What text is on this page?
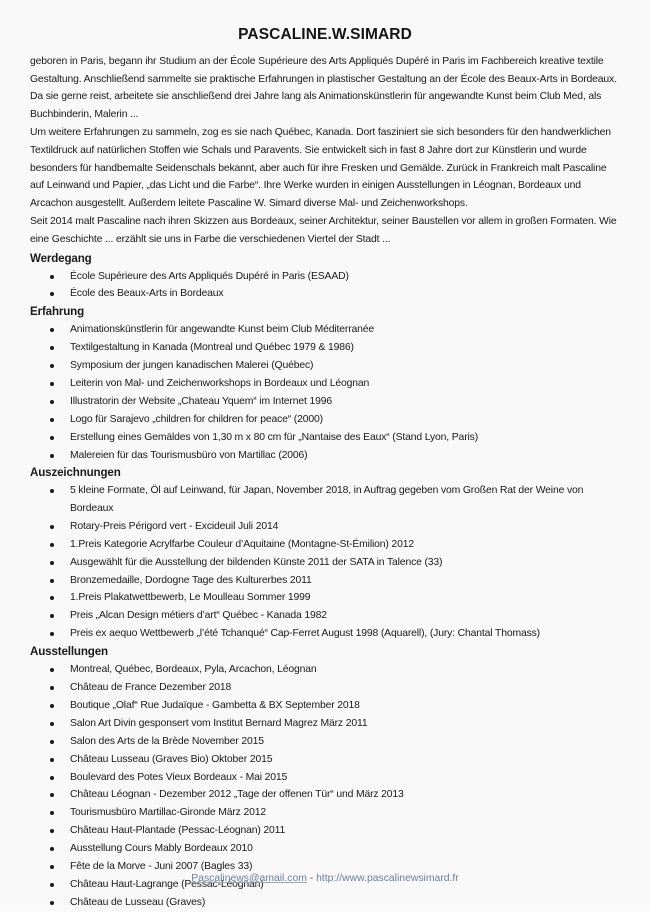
PASCALINE.W.SIMARD

geboren in Paris, begann ihr Studium an der École Supérieure des Arts Appliqués Dupéré in Paris im Fachbereich kreative textile Gestaltung. Anschließend sammelte sie praktische Erfahrungen in plastischer Gestaltung an der École des Beaux-Arts in Bordeaux. Da sie gerne reist, arbeitete sie anschließend drei Jahre lang als Animationskünstlerin für angewandte Kunst beim Club Med, als Buchbinderin, Malerin ...

Um weitere Erfahrungen zu sammeln, zog es sie nach Québec, Kanada. Dort fasziniert sie sich besonders für den handwerklichen Textildruck auf natürlichen Stoffen wie Schals und Paravents. Sie entwickelt sich in fast 8 Jahre dort zur Künstlerin und wurde besonders für handbemalte Seidenschals bekannt, aber auch für ihre Fresken und Gemälde. Zurück in Frankreich malt Pascaline auf Leinwand und Papier, „das Licht und die Farbe“. Ihre Werke wurden in einigen Ausstellungen in Léognan, Bordeaux und Arcachon ausgestellt. Außerdem leitete Pascaline W. Simard diverse Mal- und Zeichenworkshops.

Seit 2014 malt Pascaline nach ihren Skizzen aus Bordeaux, seiner Architektur, seiner Baustellen vor allem in großen Formaten. Wie eine Geschichte ... erzählt sie uns in Farbe die verschiedenen Viertel der Stadt ...

Werdegang
École Supérieure des Arts Appliqués Dupéré in Paris (ESAAD)
École des Beaux-Arts in Bordeaux
Erfahrung
Animationskünstlerin für angewandte Kunst beim Club Méditerranée
Textilgestaltung in Kanada (Montreal und Québec 1979 & 1986)
Symposium der jungen kanadischen Malerei (Québec)
Leiterin von Mal- und Zeichenworkshops in Bordeaux und Léognan
Illustratorin der Website „Chateau Yquem“ im Internet 1996
Logo für Sarajevo „children for children for peace“ (2000)
Erstellung eines Gemäldes von 1,30 m x 80 cm für „Nantaise des Eaux“ (Stand Lyon, Paris)
Malereien für das Tourismusbüro von Martillac (2006)
Auszeichnungen
5 kleine Formate, Öl auf Leinwand, für Japan, November 2018, in Auftrag gegeben vom Großen Rat der Weine von Bordeaux
Rotary-Preis Périgord vert - Excideuil Juli 2014
1.Preis Kategorie Acrylfarbe Couleur d’Aquitaine (Montagne-St-Émilion) 2012
Ausgewählt für die Ausstellung der bildenden Künste 2011 der SATA in Talence (33)
Bronzemedaille, Dordogne Tage des Kulturerbes 2011
1.Preis Plakatwettbewerb, Le Moulleau Sommer 1999
Preis „Alcan Design métiers d’art“ Québec - Kanada 1982
Preis ex aequo Wettbewerb „l’été Tchanqué“ Cap-Ferret August 1998 (Aquarell), (Jury: Chantal Thomass)
Ausstellungen
Montreal, Québec, Bordeaux, Pyla, Arcachon, Léognan
Château de France Dezember 2018
Boutique „Olaf“ Rue Judaïque - Gambetta & BX September 2018
Salon Art Divin gesponsert vom Institut Bernard Magrez März 2011
Salon des Arts de la Brède November 2015
Château Lusseau (Graves Bio) Oktober 2015
Boulevard des Potes Vieux Bordeaux - Mai 2015
Château Léognan - Dezember 2012 „Tage der offenen Tür“ und März 2013
Tourismusbüro Martillac-Gironde März 2012
Château Haut-Plantade (Pessac-Léognan) 2011
Ausstellung Cours Mably Bordeaux 2010
Fête de la Morve - Juni 2007 (Bagles 33)
Château Haut-Lagrange (Pessac-Léognan)
Château de Lusseau (Graves)
Pascalinews@amail.com - http://www.pascalinewsimard.fr
